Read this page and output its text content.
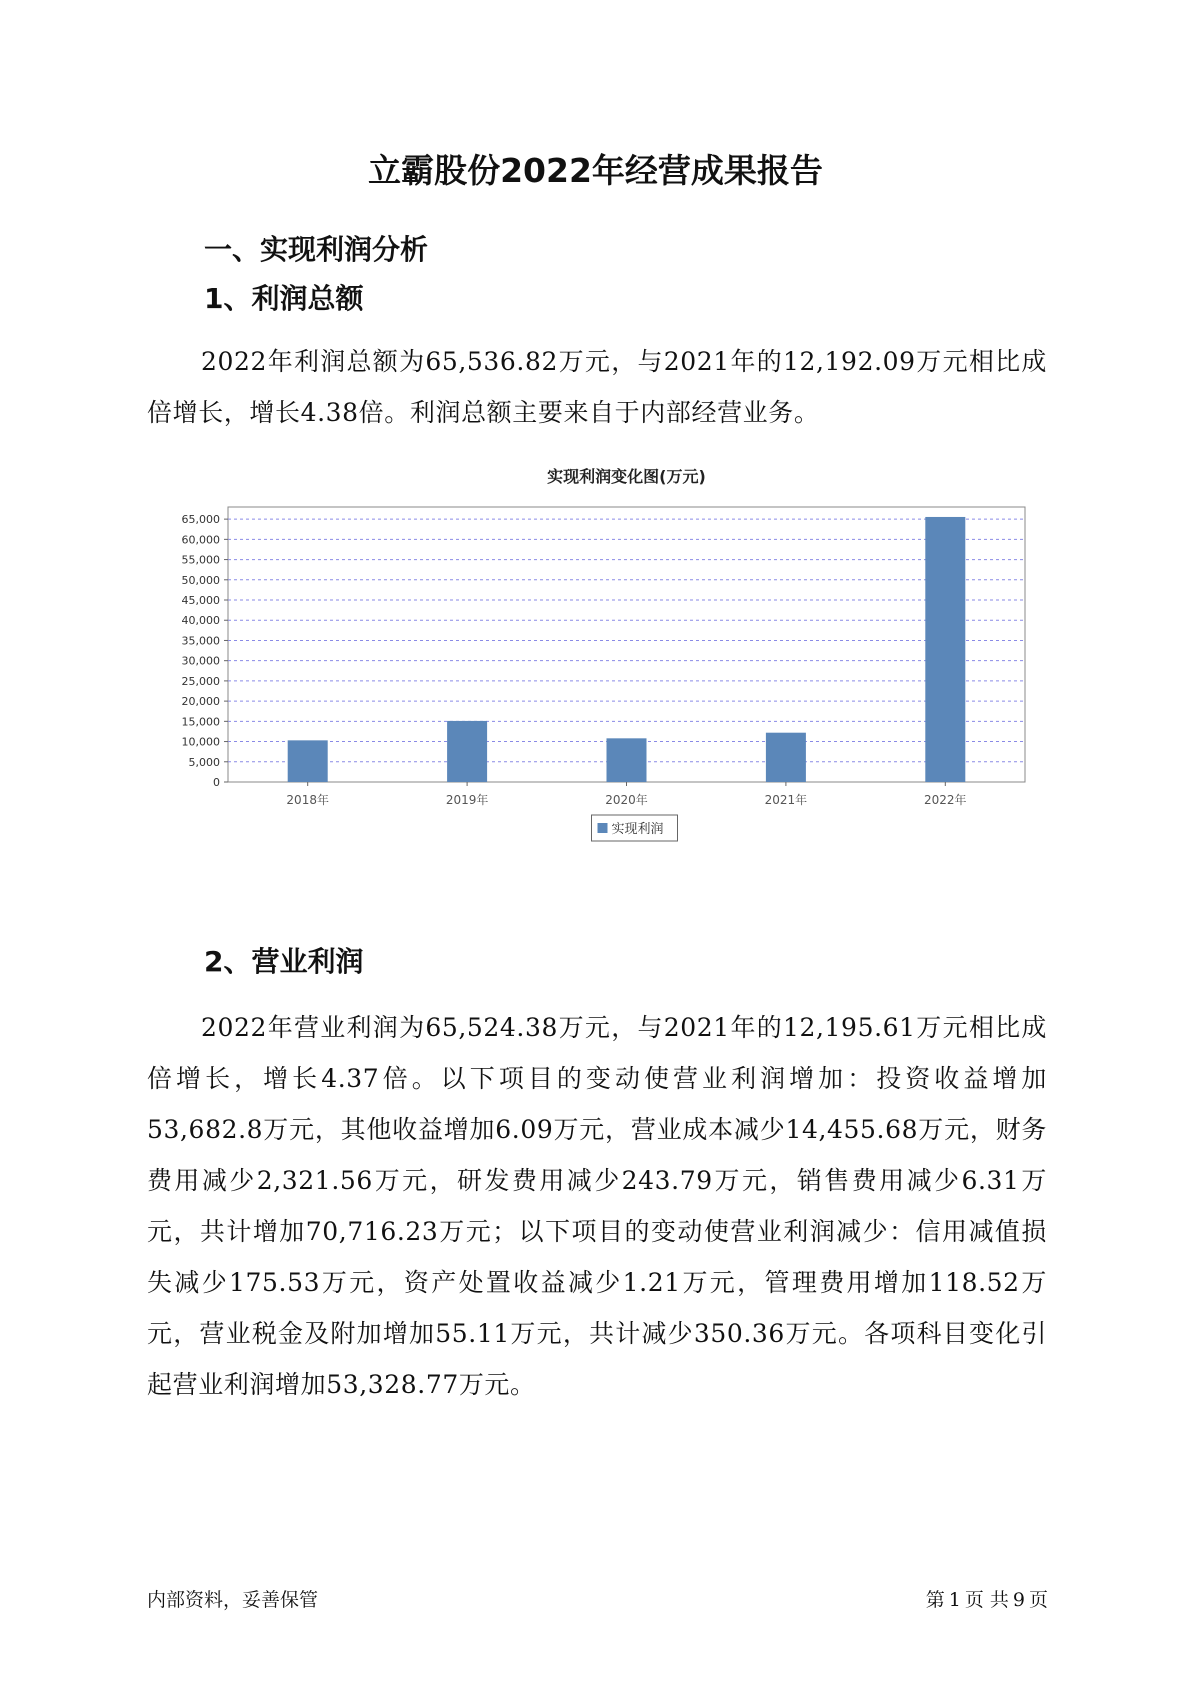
立霸股份2022年经营成果报告
一、实现利润分析
1、利润总额
2022年利润总额为65,536.82万元，与2021年的12,192.09万元相比成倍增长，增长4.38倍。利润总额主要来自于内部经营业务。
实现利润变化图(万元)
0
5,000
10,000
15,000
20,000
25,000
30,000
35,000
40,000
45,000
50,000
55,000
60,000
65,000
2018年	2019年	2020年	2021年	2022年
实现利润
2、营业利润
2022年营业利润为65,524.38万元，与2021年的12,195.61万元相比成倍增长，增长4.37倍。以下项目的变动使营业利润增加：投资收益增加53,682.8万元，其他收益增加6.09万元，营业成本减少14,455.68万元，财务费用减少2,321.56万元，研发费用减少243.79万元，销售费用减少6.31万元，共计增加70,716.23万元；以下项目的变动使营业利润减少：信用减值损失减少175.53万元，资产处置收益减少1.21万元，管理费用增加118.52万元，营业税金及附加增加55.11万元，共计减少350.36万元。各项科目变化引起营业利润增加53,328.77万元。
内部资料，妥善保管	第 1 页 共 9 页
